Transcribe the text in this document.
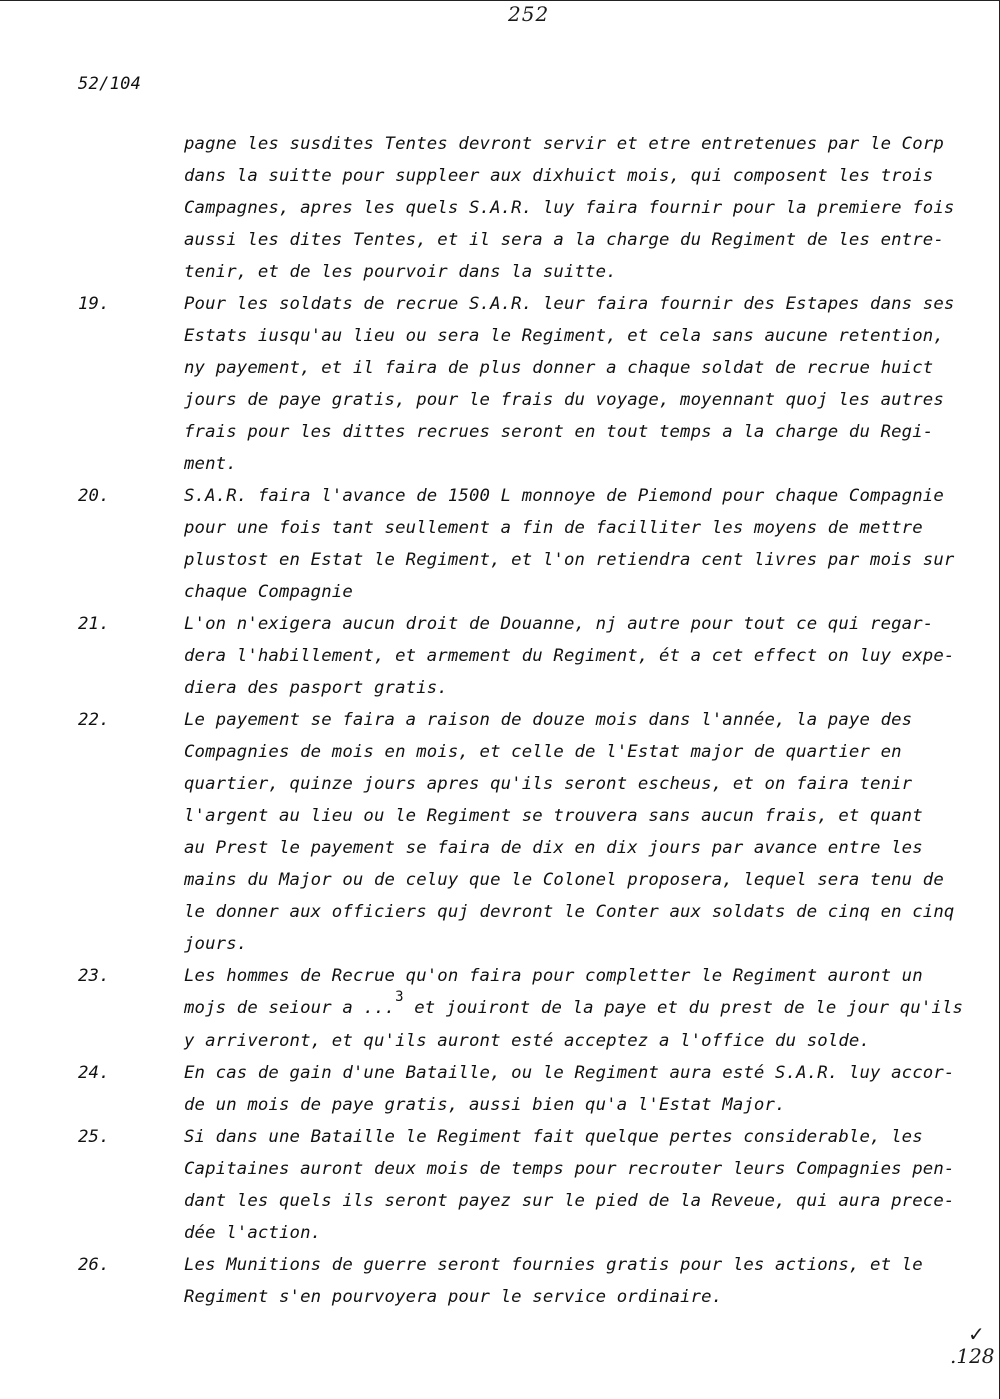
252
52/104
pagne les susdites Tentes devront servir et etre entretenues par le Corp
dans la suitte pour suppleer aux dixhuict mois, qui composent les trois
Campagnes, apres les quels S.A.R. luy faira fournir pour la premiere fois
aussi les dites Tentes, et il sera a la charge du Regiment de les entre-
tenir, et de les pourvoir dans la suitte.
19.	Pour les soldats de recrue S.A.R. leur faira fournir des Estapes dans ses
Estats iusqu'au lieu ou sera le Regiment, et cela sans aucune retention,
ny payement, et il faira de plus donner a chaque soldat de recrue huict
jours de paye gratis, pour le frais du voyage, moyennant quoj les autres
frais pour les dittes recrues seront en tout temps a la charge du Regi-
ment.
20.	S.A.R. faira l'avance de 1500 L monnoye de Piemond pour chaque Compagnie
pour une fois tant seullement a fin de facilliter les moyens de mettre
plustost en Estat le Regiment, et l'on retiendra cent livres par mois sur
chaque Compagnie
21.	L'on n'exigera aucun droit de Douanne, nj autre pour tout ce qui regar-
dera l'habillement, et armement du Regiment, ét a cet effect on luy expe-
diera des pasport gratis.
22.	Le payement se faira a raison de douze mois dans l'année, la paye des
Compagnies de mois en mois, et celle de l'Estat major de quartier en
quartier, quinze jours apres qu'ils seront escheus, et on faira tenir
l'argent au lieu ou le Regiment se trouvera sans aucun frais, et quant
au Prest le payement se faira de dix en dix jours par avance entre les
mains du Major ou de celuy que le Colonel proposera, lequel sera tenu de
le donner aux officiers quj devront le Conter aux soldats de cinq en cinq
jours.
23.	Les hommes de Recrue qu'on faira pour completter le Regiment auront un
mojs de seiour a ...$^3$ et jouiront de la paye et du prest de le jour qu'ils
y arriveront, et qu'ils auront esté acceptez a l'office du solde.
24.	En cas de gain d'une Bataille, ou le Regiment aura esté S.A.R. luy accor-
de un mois de paye gratis, aussi bien qu'a l'Estat Major.
25.	Si dans une Bataille le Regiment fait quelque pertes considerable, les
Capitaines auront deux mois de temps pour recrouter leurs Compagnies pen-
dant les quels ils seront payez sur le pied de la Reveue, qui aura prece-
dée l'action.
26.	Les Munitions de guerre seront fournies gratis pour les actions, et le
Regiment s'en pourvoyera pour le service ordinaire.
✓
.128
